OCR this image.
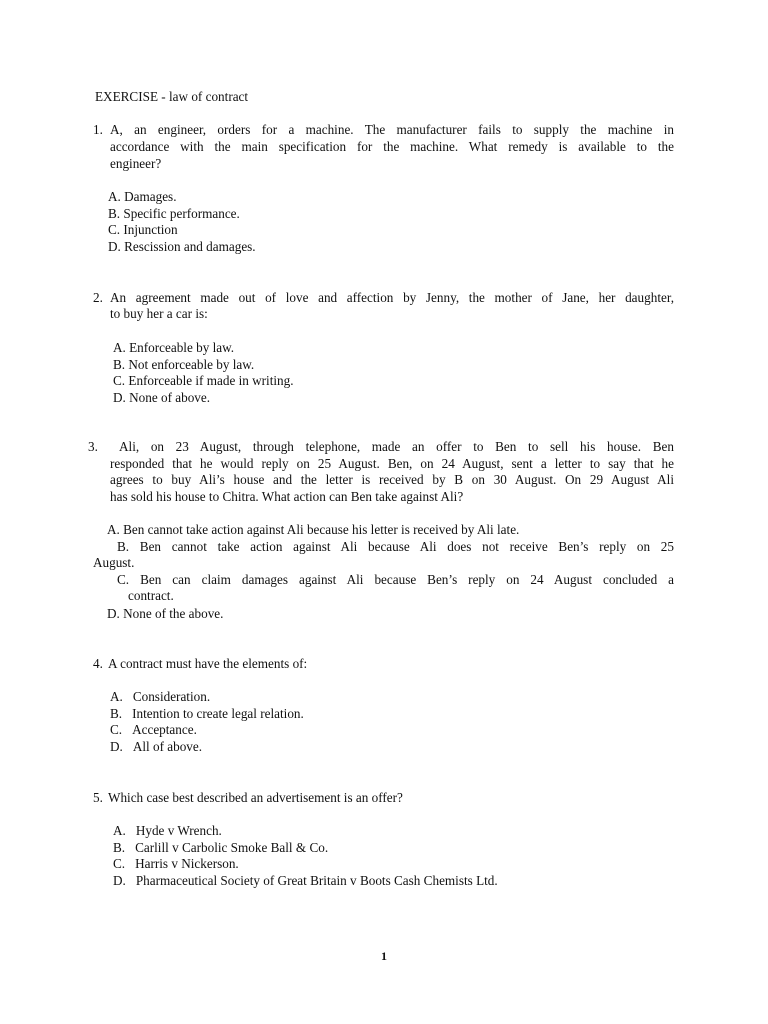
EXERCISE - law of contract
1. A, an engineer, orders for a machine. The manufacturer fails to supply the machine in
accordance with the main specification for the machine. What remedy is available to the
engineer?
A. Damages.
B. Specific performance.
C. Injunction
D. Rescission and damages.
2. An agreement made out of love and affection by Jenny, the mother of Jane, her daughter,
to buy her a car is:
A. Enforceable by law.
B. Not enforceable by law.
C. Enforceable if made in writing.
D. None of above.
3. Ali, on 23 August, through telephone, made an offer to Ben to sell his house. Ben
responded that he would reply on 25 August. Ben, on 24 August, sent a letter to say that he
agrees to buy Ali’s house and the letter is received by B on 30 August. On 29 August Ali
has sold his house to Chitra. What action can Ben take against Ali?
A. Ben cannot take action against Ali because his letter is received by Ali late.
B. Ben cannot take action against Ali because Ali does not receive Ben’s reply on 25
August.
C. Ben can claim damages against Ali because Ben’s reply on 24 August concluded a
contract.
D. None of the above.
4. A contract must have the elements of:
A. Consideration.
B. Intention to create legal relation.
C. Acceptance.
D. All of above.
5. Which case best described an advertisement is an offer?
A. Hyde v Wrench.
B. Carlill v Carbolic Smoke Ball & Co.
C. Harris v Nickerson.
D. Pharmaceutical Society of Great Britain v Boots Cash Chemists Ltd.
1
